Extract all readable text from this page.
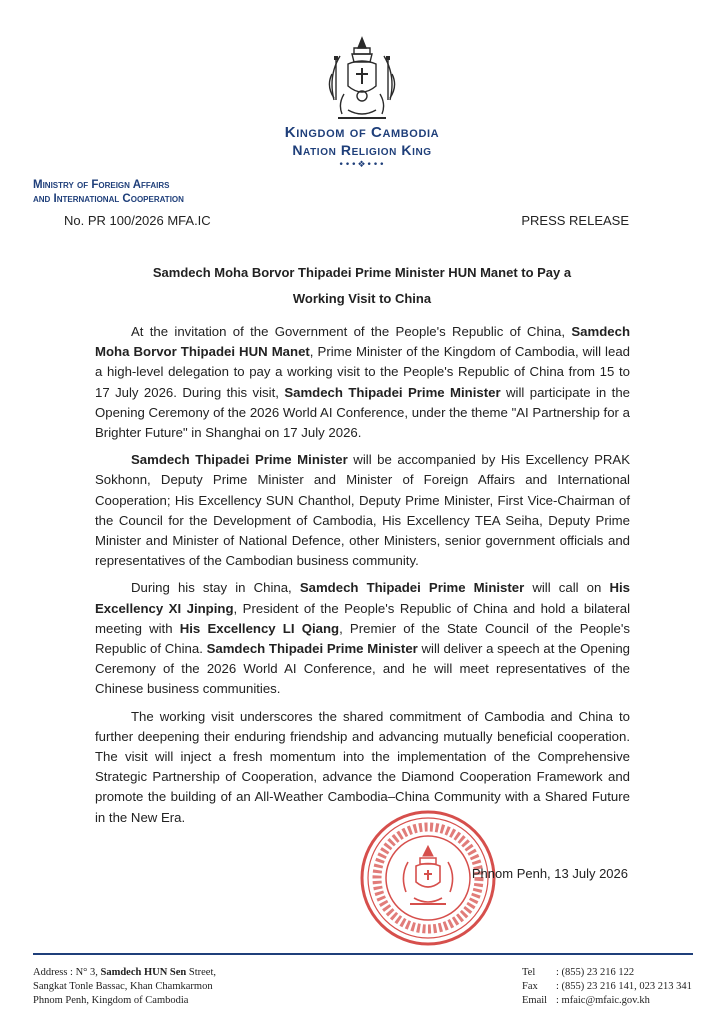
Kingdom of Cambodia
Nation Religion King
•••❖•••
Ministry of Foreign Affairs
and International Cooperation
No. PR 100/2026 MFA.IC	PRESS RELEASE
Samdech Moha Borvor Thipadei Prime Minister HUN Manet to Pay a
Working Visit to China

At the invitation of the Government of the People's Republic of China, Samdech Moha Borvor Thipadei HUN Manet, Prime Minister of the Kingdom of Cambodia, will lead a high-level delegation to pay a working visit to the People's Republic of China from 15 to 17 July 2026. During this visit, Samdech Thipadei Prime Minister will participate in the Opening Ceremony of the 2026 World AI Conference, under the theme "AI Partnership for a Brighter Future" in Shanghai on 17 July 2026.

Samdech Thipadei Prime Minister will be accompanied by His Excellency PRAK Sokhonn, Deputy Prime Minister and Minister of Foreign Affairs and International Cooperation; His Excellency SUN Chanthol, Deputy Prime Minister, First Vice-Chairman of the Council for the Development of Cambodia, His Excellency TEA Seiha, Deputy Prime Minister and Minister of National Defence, other Ministers, senior government officials and representatives of the Cambodian business community.

During his stay in China, Samdech Thipadei Prime Minister will call on His Excellency XI Jinping, President of the People's Republic of China and hold a bilateral meeting with His Excellency LI Qiang, Premier of the State Council of the People's Republic of China. Samdech Thipadei Prime Minister will deliver a speech at the Opening Ceremony of the 2026 World AI Conference, and he will meet representatives of the Chinese business communities.

The working visit underscores the shared commitment of Cambodia and China to further deepening their enduring friendship and advancing mutually beneficial cooperation. The visit will inject a fresh momentum into the implementation of the Comprehensive Strategic Partnership of Cooperation, advance the Diamond Cooperation Framework and promote the building of an All-Weather Cambodia–China Community with a Shared Future in the New Era.

Phnom Penh, 13 July 2026
Address : N° 3, Samdech HUN Sen Street,
Sangkat Tonle Bassac, Khan Chamkarmon
Phnom Penh, Kingdom of Cambodia
Tel : (855) 23 216 122
Fax : (855) 23 216 141, 023 213 341
Email : mfaic@mfaic.gov.kh
